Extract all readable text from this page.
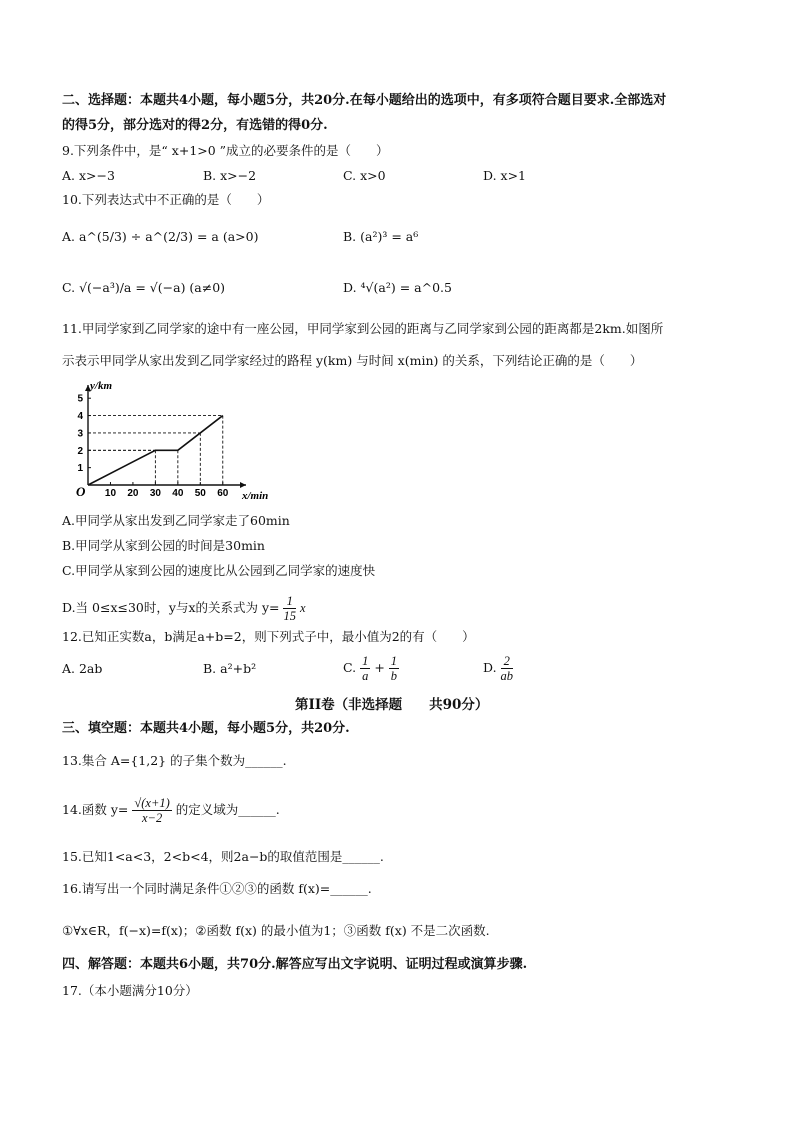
二、选择题：本题共4小题，每小题5分，共20分.在每小题给出的选项中，有多项符合题目要求.全部选对
的得5分，部分选对的得2分，有选错的得0分.
9.下列条件中，是“ x+1>0 ”成立的必要条件的是（　　）
A. x>−3	B. x>−2	C. x>0	D. x>1
10.下列表达式中不正确的是（　　）
A. a^(5/3) ÷ a^(2/3) = a (a>0)	B. (a²)³ = a⁶
C. √(−a³)/a = √(−a) (a≠0)	D. ⁴√(a²) = a^0.5
11.甲同学家到乙同学家的途中有一座公园，甲同学家到公园的距离与乙同学家到公园的距离都是2km.如图所
示表示甲同学从家出发到乙同学家经过的路程 y(km) 与时间 x(min) 的关系，下列结论正确的是（　　）
10 20 30 40 50 60
1
2
3
4
5
O
y/km
x/min
A.甲同学从家出发到乙同学家走了60min
B.甲同学从家到公园的时间是30min
C.甲同学从家到公园的速度比从公园到乙同学家的速度快
D.当 0≤x≤30时，y与x的关系式为 $y= \frac{1}{15}$ x
12.已知正实数a，b满足a+b=2，则下列式子中，最小值为2的有（　　）
A. 2ab	B. a²+b²	C. $\frac{1}{a} + \frac{1}{b}$	D. $\frac{2}{ab}$
第II卷（非选择题　　共90分）
三、填空题：本题共4小题，每小题5分，共20分.
13.集合 A={1,2} 的子集个数为______.
14.函数 $y= \frac{√(x+1)}{x-2}$ 的定义域为______.
15.已知1<a<3，2<b<4，则2a−b的取值范围是______.
16.请写出一个同时满足条件①②③的函数 f(x)=______.
①∀x∈R，f(−x)=f(x)；②函数 f(x) 的最小值为1；③函数 f(x) 不是二次函数.
四、解答题：本题共6小题，共70分.解答应写出文字说明、证明过程或演算步骤.
17.（本小题满分10分）
